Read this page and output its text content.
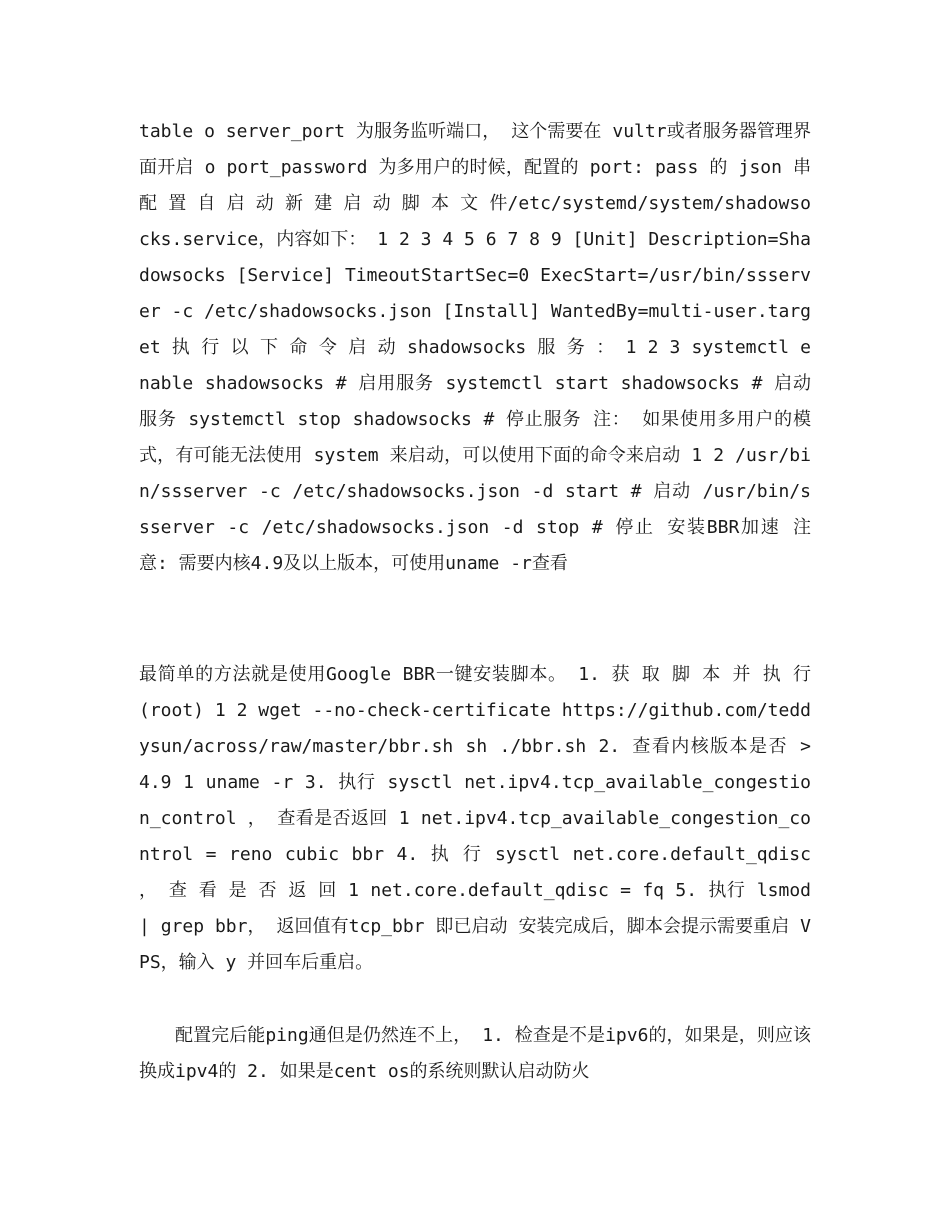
table o server_port 为服务监听端口， 这个需要在 vultr或者服务器管理界面开启 o port_password 为多用户的时候，配置的 port: pass 的 json 串 配 置 自 启 动 新 建 启 动 脚 本 文 件/etc/systemd/system/shadowsocks.service，内容如下： 1 2 3 4 5 6 7 8 9 [Unit] Description=Shadowsocks [Service] TimeoutStartSec=0 ExecStart=/usr/bin/ssserver -c /etc/shadowsocks.json [Install] WantedBy=multi-user.target 执 行 以 下 命 令 启 动 shadowsocks 服 务 ： 1 2 3 systemctl enable shadowsocks # 启用服务 systemctl start shadowsocks # 启动服务 systemctl stop shadowsocks # 停止服务 注： 如果使用多用户的模式，有可能无法使用 system 来启动，可以使用下面的命令来启动 1 2 /usr/bin/ssserver -c /etc/shadowsocks.json -d start # 启动 /usr/bin/ssserver -c /etc/shadowsocks.json -d stop # 停止 安装BBR加速 注意: 需要内核4.9及以上版本，可使用uname -r查看

最简单的方法就是使用Google BBR一键安装脚本。 1. 获 取 脚 本 并 执 行 (root) 1 2 wget --no-check-certificate https://github.com/teddysun/across/raw/master/bbr.sh sh ./bbr.sh 2. 查看内核版本是否 > 4.9 1 uname -r 3. 执行 sysctl net.ipv4.tcp_available_congestion_control ， 查看是否返回 1 net.ipv4.tcp_available_congestion_control = reno cubic bbr 4. 执 行 sysctl net.core.default_qdisc ， 查 看 是 否 返 回 1 net.core.default_qdisc = fq 5. 执行 lsmod | grep bbr， 返回值有tcp_bbr 即已启动 安装完成后，脚本会提示需要重启 VPS，输入 y 并回车后重启。

配置完后能ping通但是仍然连不上， 1. 检查是不是ipv6的，如果是，则应该换成ipv4的 2. 如果是cent os的系统则默认启动防火
